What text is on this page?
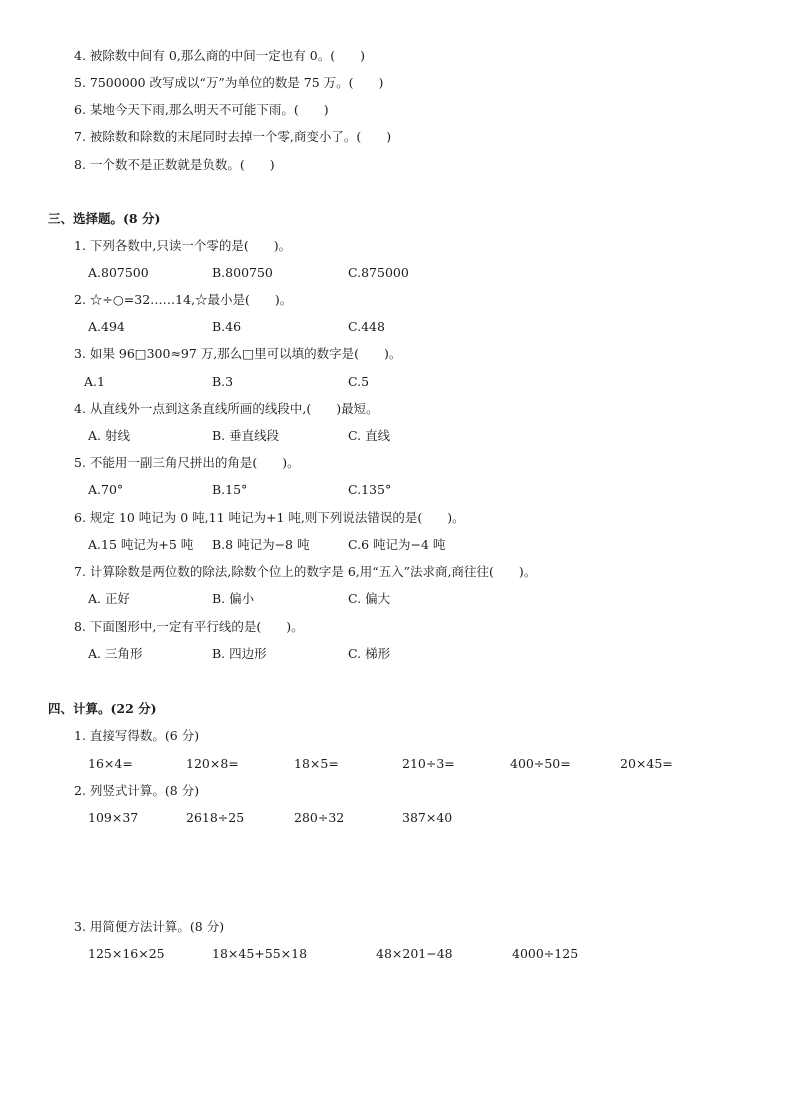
4. 被除数中间有 0,那么商的中间一定也有 0。(　　)
5. 7500000 改写成以“万”为单位的数是 75 万。(　　)
6. 某地今天下雨,那么明天不可能下雨。(　　)
7. 被除数和除数的末尾同时去掉一个零,商变小了。(　　)
8. 一个数不是正数就是负数。(　　)
三、选择题。(8 分)
1. 下列各数中,只读一个零的是(　　)。
A.807500	B.800750	C.875000
2. ☆÷○=32……14,☆最小是(　　)。
A.494	B.46	C.448
3. 如果 96□300≈97 万,那么□里可以填的数字是(　　)。
A.1	B.3	C.5
4. 从直线外一点到这条直线所画的线段中,(　　)最短。
A. 射线	B. 垂直线段	C. 直线
5. 不能用一副三角尺拼出的角是(　　)。
A.70°	B.15°	C.135°
6. 规定 10 吨记为 0 吨,11 吨记为+1 吨,则下列说法错误的是(　　)。
A.15 吨记为+5 吨 B.8 吨记为−8 吨	C.6 吨记为−4 吨
7. 计算除数是两位数的除法,除数个位上的数字是 6,用“五入”法求商,商往往(　　)。
A. 正好	B. 偏小	C. 偏大
8. 下面图形中,一定有平行线的是(　　)。
A. 三角形	B. 四边形	C. 梯形
四、计算。(22 分)
1. 直接写得数。(6 分)
16×4=	120×8=	18×5=	210÷3=	400÷50=	20×45=
2. 列竖式计算。(8 分)
109×37	2618÷25	280÷32	387×40
3. 用简便方法计算。(8 分)
125×16×25	18×45+55×18	48×201−48	4000÷125
